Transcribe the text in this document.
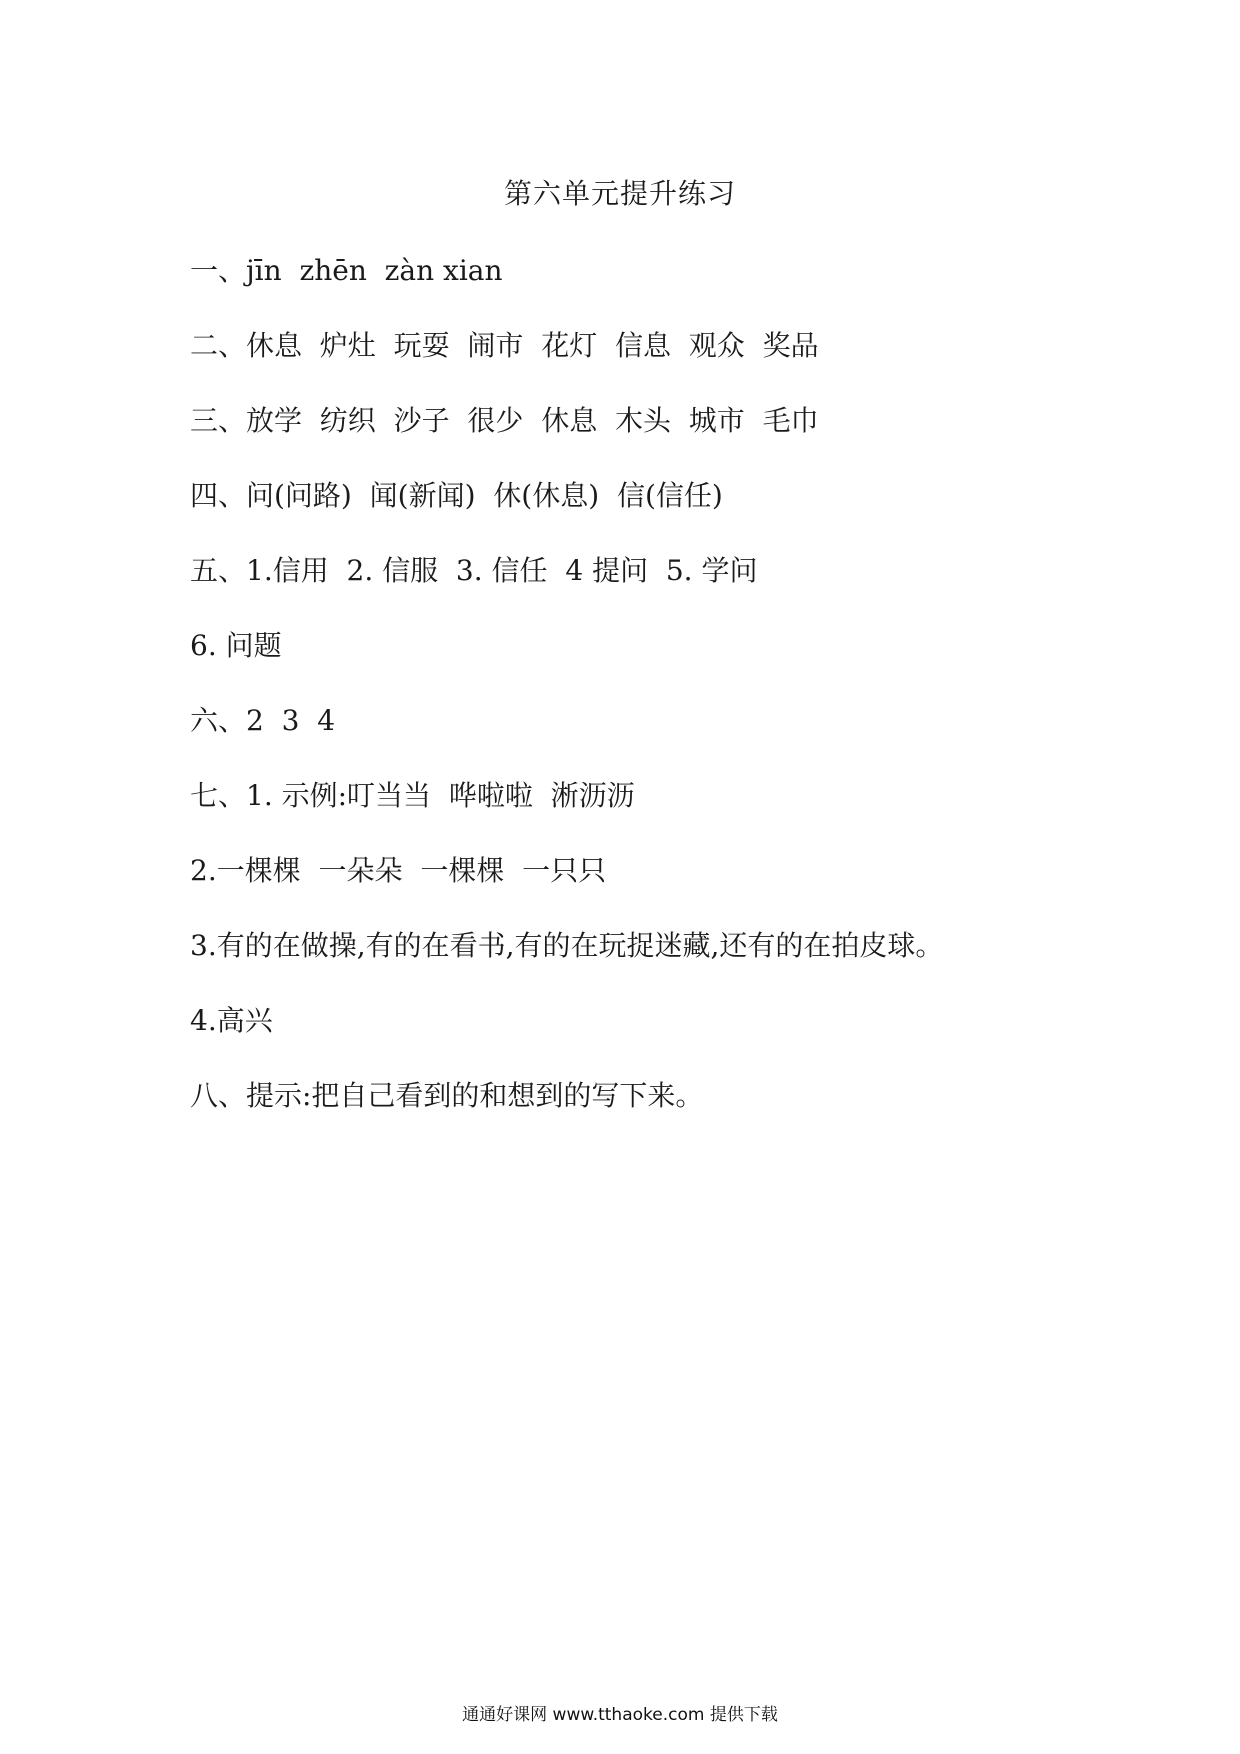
第六单元提升练习
一、jīn  zhēn  zàn xian
二、休息  炉灶  玩耍  闹市  花灯  信息  观众  奖品
三、放学  纺织  沙子  很少  休息  木头  城市  毛巾
四、问(问路)  闻(新闻)  休(休息)  信(信任)
五、1.信用  2. 信服  3. 信任  4 提问  5. 学问
6. 问题
六、2  3  4
七、1. 示例:叮当当  哗啦啦  淅沥沥
2.一棵棵  一朵朵  一棵棵  一只只
3.有的在做操,有的在看书,有的在玩捉迷藏,还有的在拍皮球。
4.高兴
八、提示:把自己看到的和想到的写下来。
通通好课网 www.tthaoke.com 提供下载
